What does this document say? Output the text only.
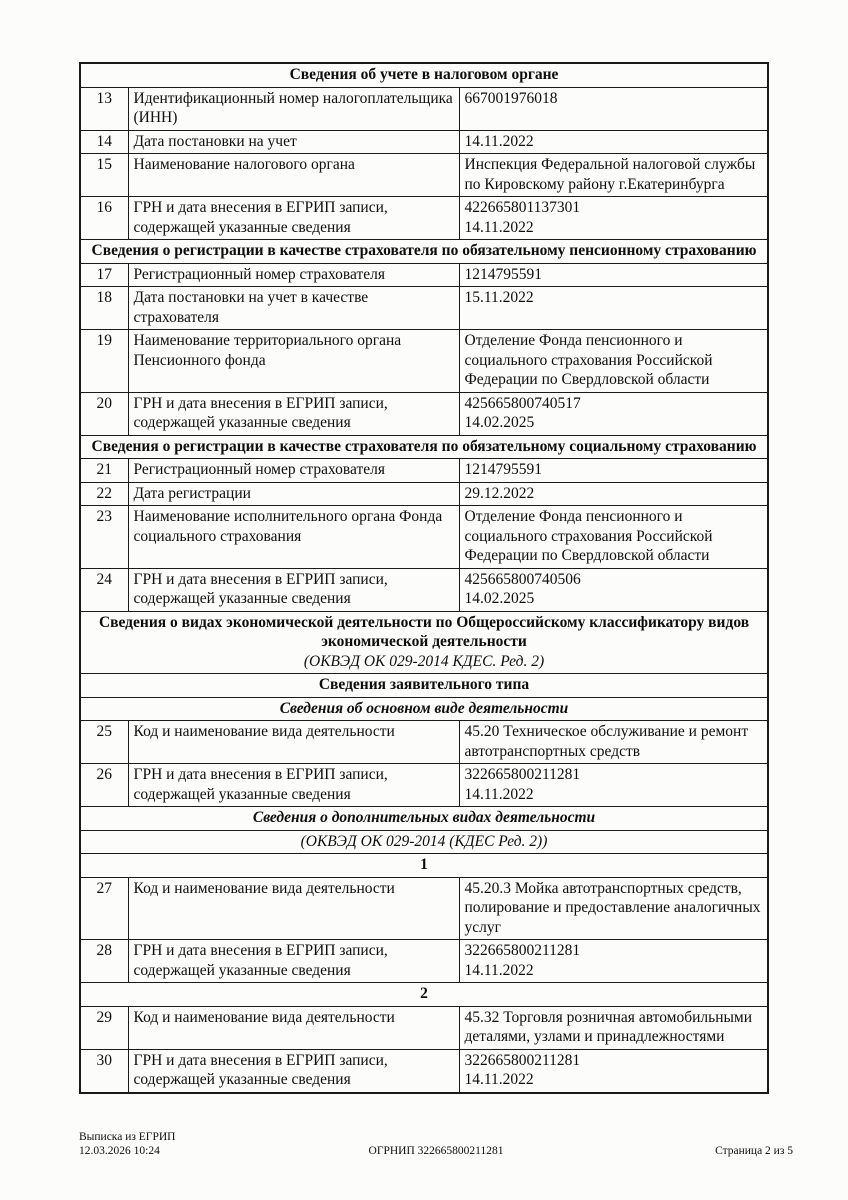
Сведения об учете в налоговом органе		

13	Идентификационный номер налогоплательщика (ИНН)	667001976018

14	Дата постановки на учет	14.11.2022

15	Наименование налогового органа	Инспекция Федеральной налоговой службы по Кировскому району г.Екатеринбурга

16	ГРН и дата внесения в ЕГРИП записи, содержащей указанные сведения	422665801137301
14.11.2022

Сведения о регистрации в качестве страхователя по обязательному пенсионному страхованию		

17	Регистрационный номер страхователя	1214795591

18	Дата постановки на учет в качестве страхователя	15.11.2022

19	Наименование территориального органа Пенсионного фонда	Отделение Фонда пенсионного и социального страхования Российской Федерации по Свердловской области

20	ГРН и дата внесения в ЕГРИП записи, содержащей указанные сведения	425665800740517
14.02.2025

Сведения о регистрации в качестве страхователя по обязательному социальному страхованию		

21	Регистрационный номер страхователя	1214795591

22	Дата регистрации	29.12.2022

23	Наименование исполнительного органа Фонда социального страхования	Отделение Фонда пенсионного и социального страхования Российской Федерации по Свердловской области

24	ГРН и дата внесения в ЕГРИП записи, содержащей указанные сведения	425665800740506
14.02.2025

Сведения о видах экономической деятельности по Общероссийскому классификатору видов экономической деятельности
(ОКВЭД ОК 029-2014 КДЕС. Ред. 2)		

Сведения заявительного типа		

Сведения об основном виде деятельности		

25	Код и наименование вида деятельности	45.20 Техническое обслуживание и ремонт автотранспортных средств

26	ГРН и дата внесения в ЕГРИП записи, содержащей указанные сведения	322665800211281
14.11.2022

Сведения о дополнительных видах деятельности		

(ОКВЭД ОК 029-2014 (КДЕС Ред. 2))		

1		

27	Код и наименование вида деятельности	45.20.3 Мойка автотранспортных средств, полирование и предоставление аналогичных услуг

28	ГРН и дата внесения в ЕГРИП записи, содержащей указанные сведения	322665800211281
14.11.2022

2		

29	Код и наименование вида деятельности	45.32 Торговля розничная автомобильными деталями, узлами и принадлежностями

30	ГРН и дата внесения в ЕГРИП записи, содержащей указанные сведения	322665800211281
14.11.2022
Выписка из ЕГРИП
12.03.2026 10:24	ОГРНИП 322665800211281	Страница 2 из 5
